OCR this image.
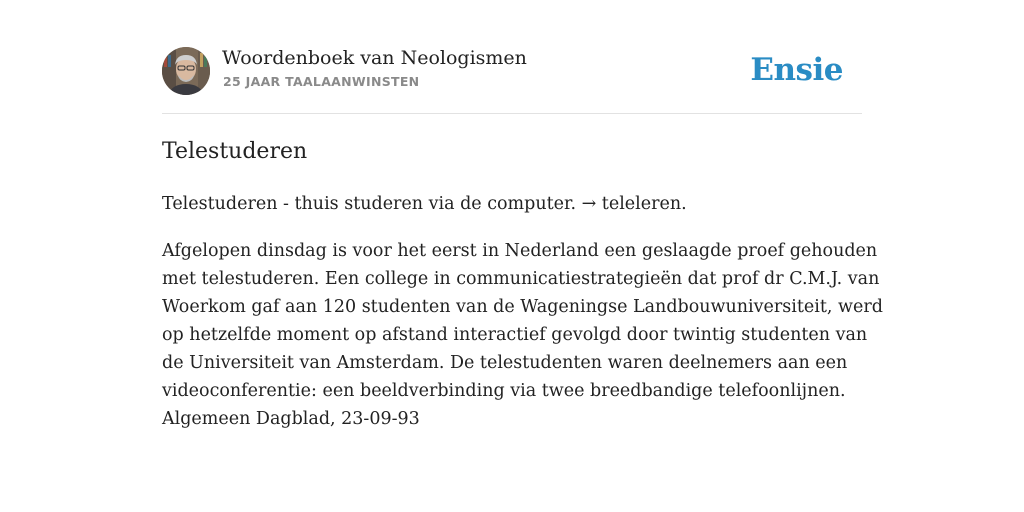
Woordenboek van Neologismen
25 JAAR TAALAANWINSTEN	Ensie
Telestuderen

Telestuderen - thuis studeren via de computer. → teleleren.

Afgelopen dinsdag is voor het eerst in Nederland een geslaagde proef gehouden
met telestuderen. Een college in communicatiestrategieën dat prof dr C.M.J. van
Woerkom gaf aan 120 studenten van de Wageningse Landbouwuniversiteit, werd
op hetzelfde moment op afstand interactief gevolgd door twintig studenten van
de Universiteit van Amsterdam. De telestudenten waren deelnemers aan een
videoconferentie: een beeldverbinding via twee breedbandige telefoonlijnen.
Algemeen Dagblad, 23-09-93
